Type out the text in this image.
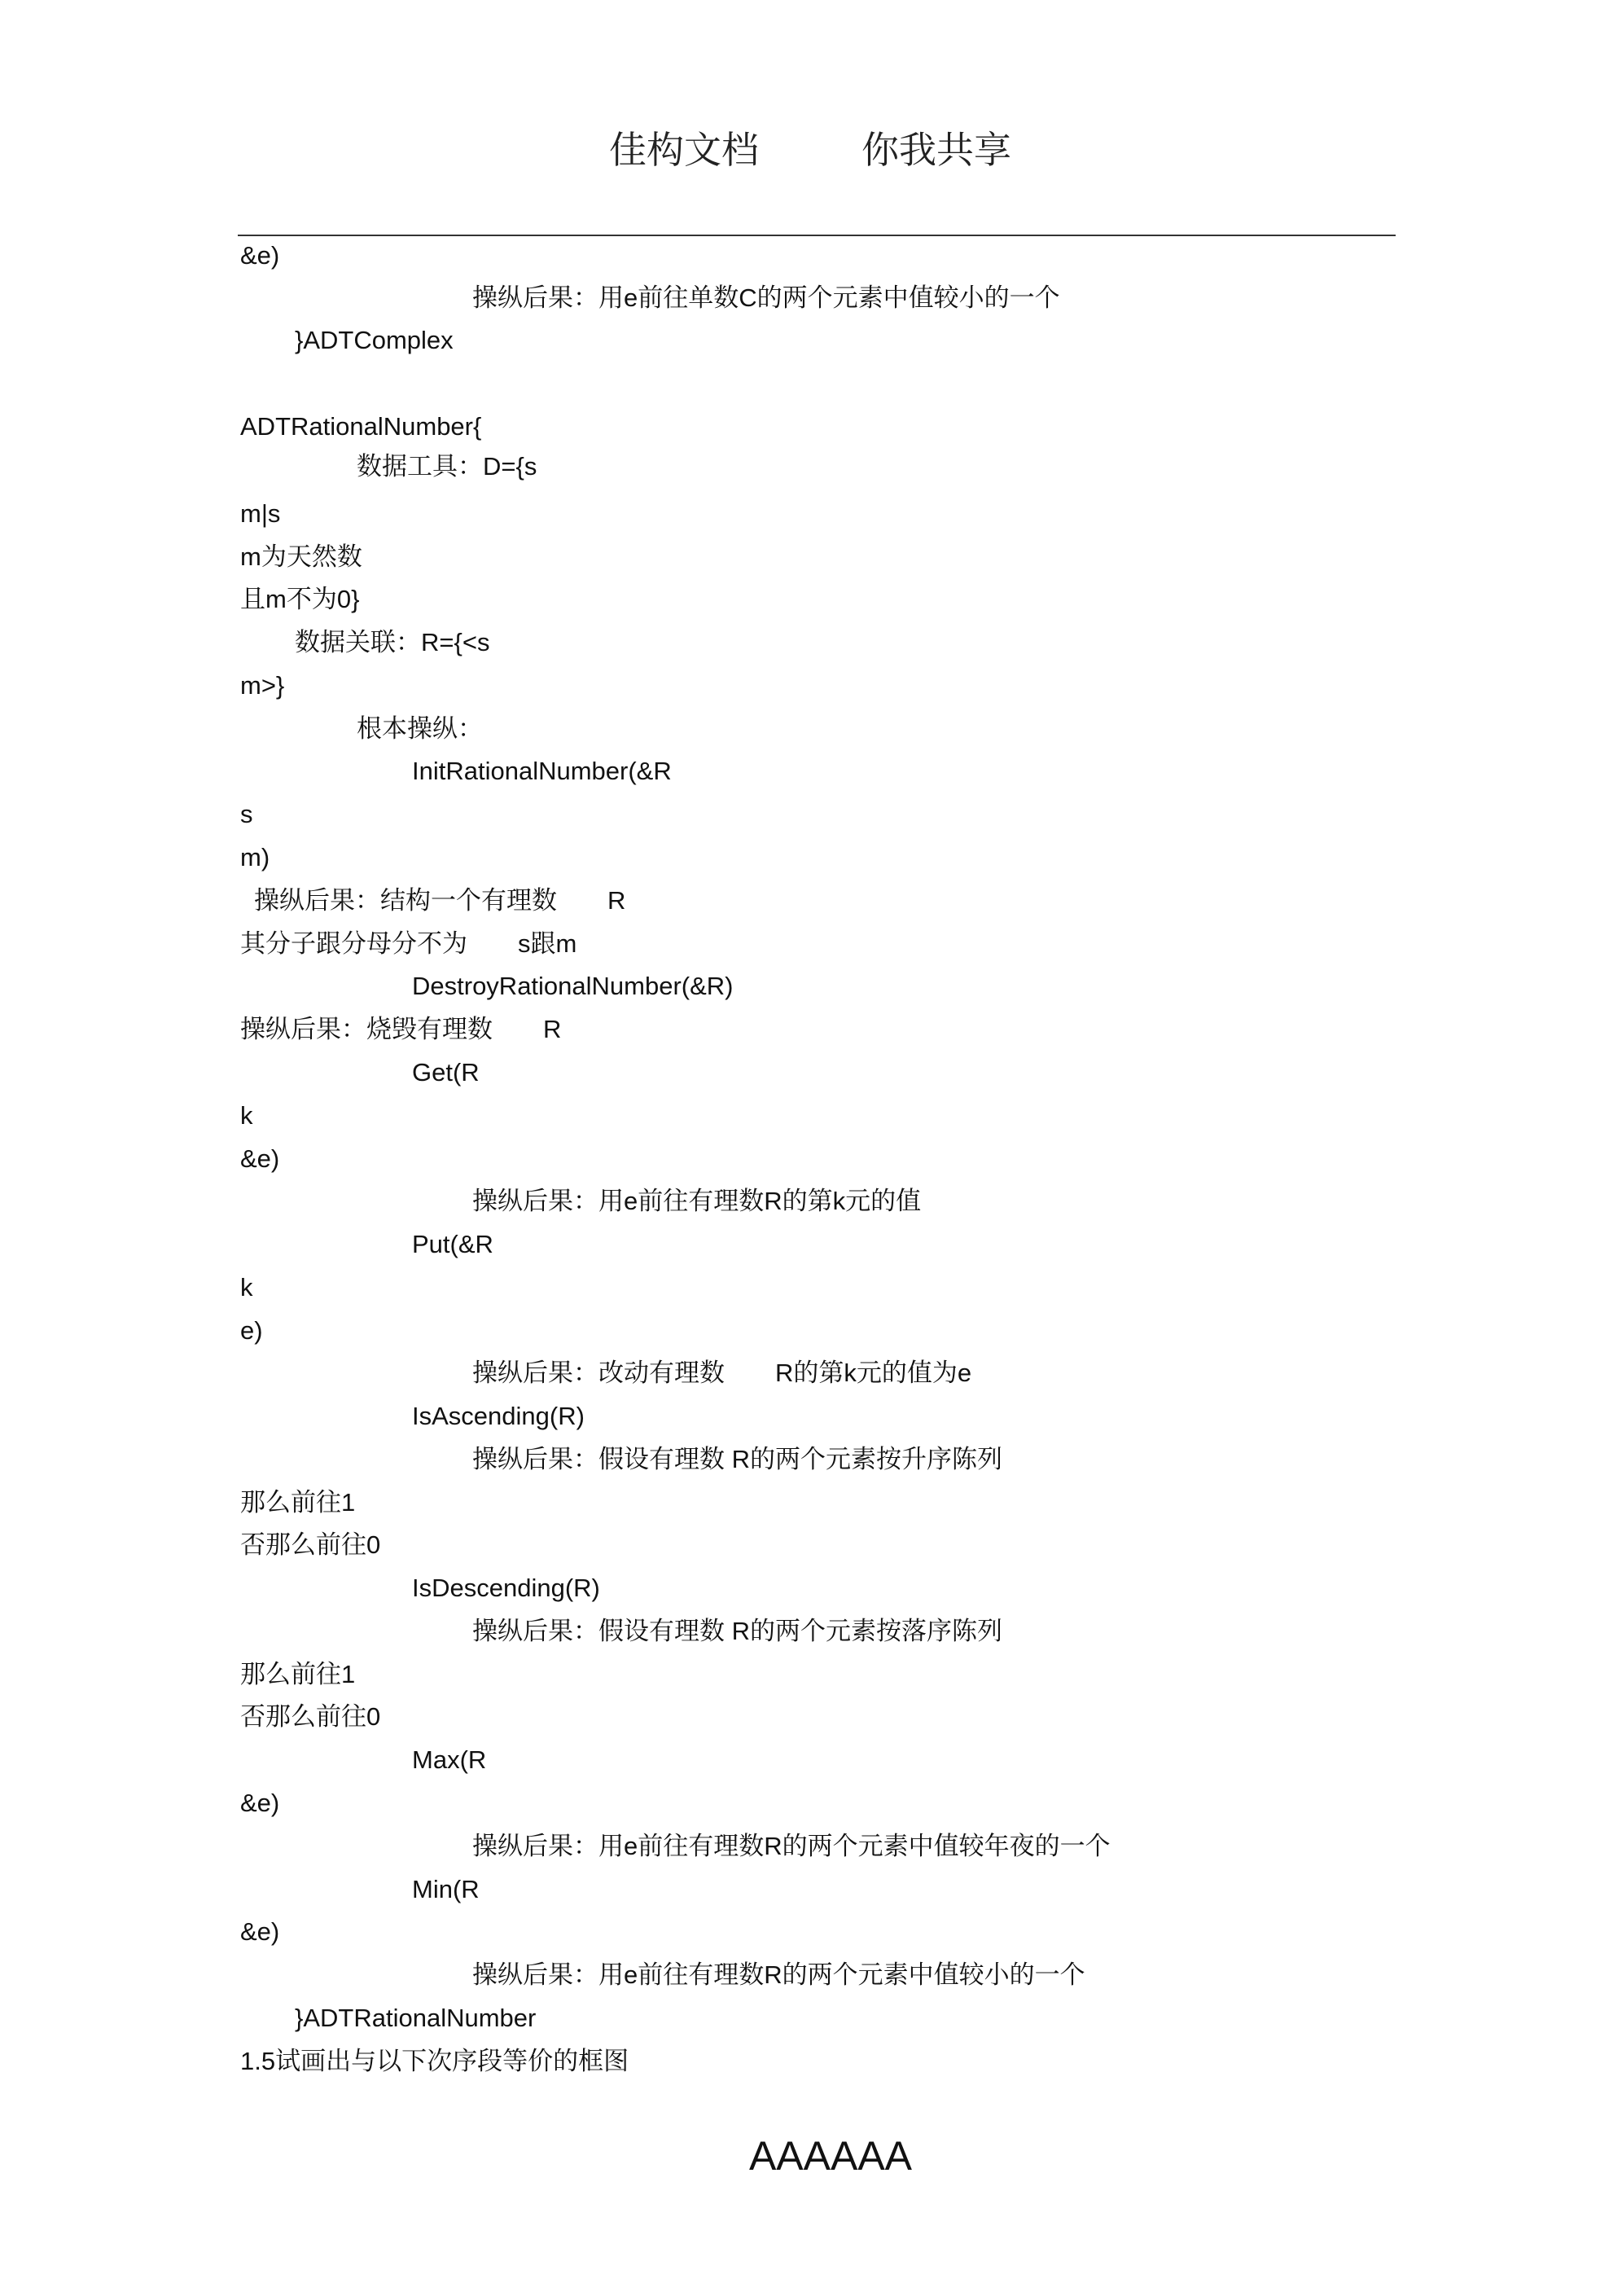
佳构文档	你我共享
&e)
操纵后果：用e前往单数C的两个元素中值较小的一个
}ADTComplex
ADTRationalNumber{
数据工具：D={s
m|s
m为天然数
且m不为0}
数据关联：R={<s
m>}
根本操纵：
InitRationalNumber(&R
s
m)
操纵后果：结构一个有理数　　R
其分子跟分母分不为　　s跟m
DestroyRationalNumber(&R)
操纵后果：烧毁有理数　　R
Get(R
k
&e)
操纵后果：用e前往有理数R的第k元的值
Put(&R
k
e)
操纵后果：改动有理数　　R的第k元的值为e
IsAscending(R)
操纵后果：假设有理数 R的两个元素按升序陈列
那么前往1
否那么前往0
IsDescending(R)
操纵后果：假设有理数 R的两个元素按落序陈列
那么前往1
否那么前往0
Max(R
&e)
操纵后果：用e前往有理数R的两个元素中值较年夜的一个
Min(R
&e)
操纵后果：用e前往有理数R的两个元素中值较小的一个
}ADTRationalNumber
1.5试画出与以下次序段等价的框图
AAAAAA
